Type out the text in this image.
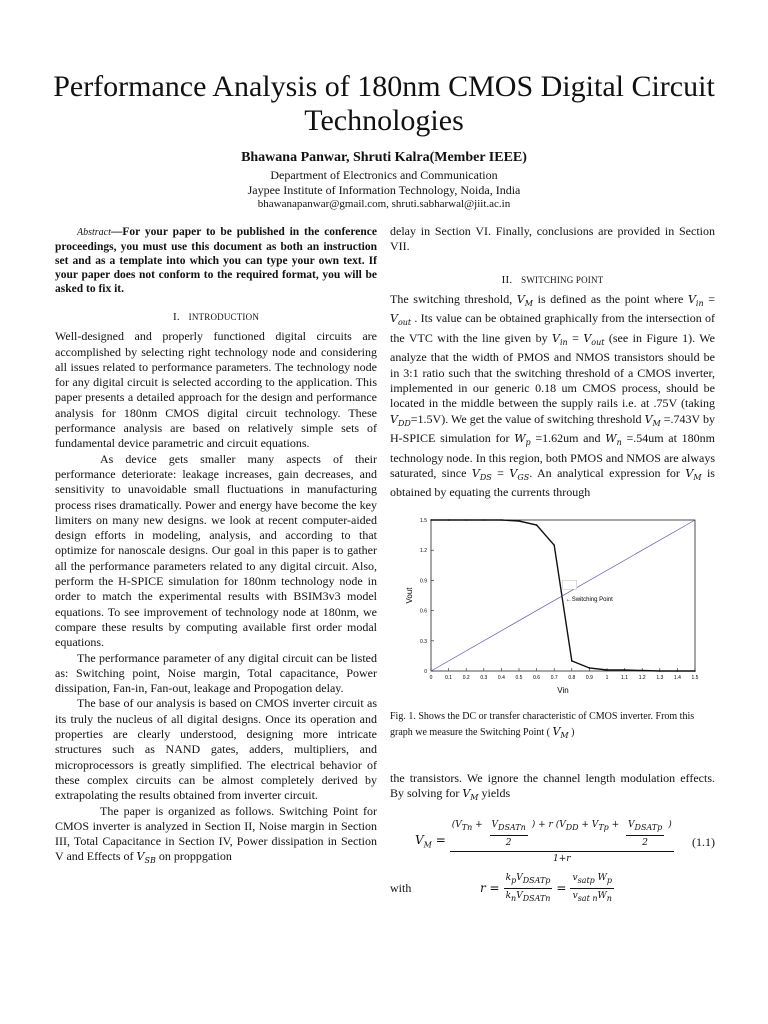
Performance Analysis of 180nm CMOS Digital Circuit Technologies
Bhawana Panwar, Shruti Kalra(Member IEEE)
Department of Electronics and Communication
Jaypee Institute of Information Technology, Noida, India
bhawanapanwar@gmail.com, shruti.sabharwal@jiit.ac.in

Abstract—For your paper to be published in the conference proceedings, you must use this document as both an instruction set and as a template into which you can type your own text. If your paper does not conform to the required format, you will be asked to fix it.

I. INTRODUCTION

Well-designed and properly functioned digital circuits are accomplished by selecting right technology node and considering all issues related to performance parameters. The technology node for any digital circuit is selected according to the application. This paper presents a detailed approach for the design and performance analysis for 180nm CMOS digital circuit technology. These performance analysis are based on relatively simple sets of fundamental device parametric and circuit equations.

As device gets smaller many aspects of their performance deteriorate: leakage increases, gain decreases, and sensitivity to unavoidable small fluctuations in manufacturing process rises dramatically. Power and energy have become the key limiters on many new designs. we look at recent computer-aided design efforts in modeling, analysis, and according to that optimize for nanoscale designs. Our goal in this paper is to gather all the performance parameters related to any digital circuit. Also, perform the H-SPICE simulation for 180nm technology node in order to match the experimental results with BSIM3v3 model equations. To see improvement of technology node at 180nm, we compare these results by computing available first order modal equations.

The performance parameter of any digital circuit can be listed as: Switching point, Noise margin, Total capacitance, Power dissipation, Fan-in, Fan-out, leakage and Propogation delay.

The base of our analysis is based on CMOS inverter circuit as its truly the nucleus of all digital designs. Once its operation and properties are clearly understood, designing more intricate structures such as NAND gates, adders, multipliers, and microprocessors is greatly simplified. The electrical behavior of these complex circuits can be almost completely derived by extrapolating the results obtained from inverter circuit.

The paper is organized as follows. Switching Point for CMOS inverter is analyzed in Section II, Noise margin in Section III, Total Capacitance in Section IV, Power dissipation in Section V and Effects of $V_{SB}$ on proppgation

delay in Section VI. Finally, conclusions are provided in Section VII.

II. SWITCHING POINT

The switching threshold, $V_M$ is defined as the point where $V_{in} = V_{out}$ . Its value can be obtained graphically from the intersection of the VTC with the line given by $V_{in} = V_{out}$ (see in Figure 1). We analyze that the width of PMOS and NMOS transistors should be in 3:1 ratio such that the switching threshold of a CMOS inverter, implemented in our generic 0.18 um CMOS process, should be located in the middle between the supply rails i.e. at .75V (taking $V_{DD}=1.5V$). We get the value of switching threshold $V_M =.743V$ by H-SPICE simulation for $W_p =1.62um$ and $W_n =.54um$ at 180nm technology node. In this region, both PMOS and NMOS are always saturated, since $V_{DS} = V_{GS}$. An analytical expression for $V_M$ is obtained by equating the currents through

0	0.1 0.2 0.3 0.4 0.5 0.6 0.7 0.8 0.9	1	1.1 1.2 1.3 1.4 1.5
0
0.3
0.6
0.9
1.2
1.5
Vin
Vout	←Switching Point

Fig. 1. Shows the DC or transfer characteristic of CMOS inverter. From this graph we measure the Switching Point ( $V_M$ )

the transistors. We ignore the channel length modulation effects. By solving for $V_M$ yields

$V_M = \frac{(V_{Tn} + \frac{V_{DSATn}}{2} ) + r (V_{DD} + V_{Tp} + \frac{V_{DSATp}}{2} )}{1+r} (1.1)$
with	$r = \frac{k_pV_{DSATp}}{k_nV_{DSATn}} = \frac{v_{satp} W_p}{v_{sat n}W_n}$
